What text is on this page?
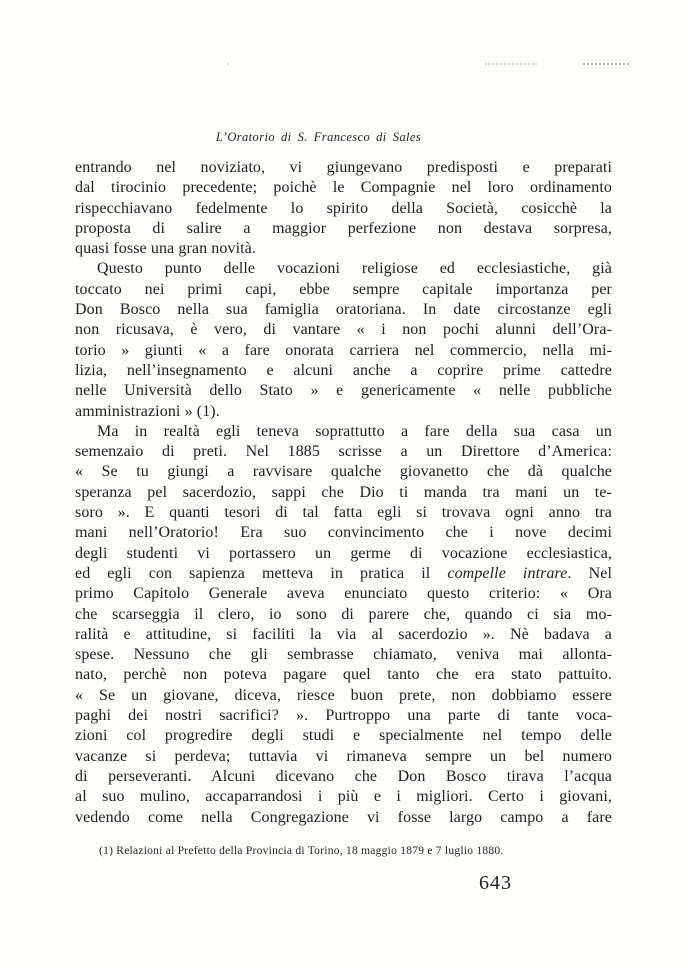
L’Oratorio di S. Francesco di Sales
entrando nel noviziato, vi giungevano predisposti e preparati
dal tirocinio precedente; poichè le Compagnie nel loro ordinamento
rispecchiavano fedelmente lo spirito della Società, cosicchè la
proposta di salire a maggior perfezione non destava sorpresa,
quasi fosse una gran novità.
Questo punto delle vocazioni religiose ed ecclesiastiche, già
toccato nei primi capi, ebbe sempre capitale importanza per
Don Bosco nella sua famiglia oratoriana. In date circostanze egli
non ricusava, è vero, di vantare « i non pochi alunni dell’Ora-
torio » giunti « a fare onorata carriera nel commercio, nella mi-
lizia, nell’insegnamento e alcuni anche a coprire prime cattedre
nelle Università dello Stato » e genericamente « nelle pubbliche
amministrazioni » (1).
Ma in realtà egli teneva soprattutto a fare della sua casa un
semenzaio di preti. Nel 1885 scrisse a un Direttore d’America:
« Se tu giungi a ravvisare qualche giovanetto che dà qualche
speranza pel sacerdozio, sappi che Dio ti manda tra mani un te-
soro ». E quanti tesori di tal fatta egli si trovava ogni anno tra
mani nell’Oratorio! Era suo convincimento che i nove decimi
degli studenti vi portassero un germe di vocazione ecclesiastica,
ed egli con sapienza metteva in pratica il compelle intrare. Nel
primo Capitolo Generale aveva enunciato questo criterio: « Ora
che scarseggia il clero, io sono di parere che, quando ci sia mo-
ralità e attitudine, si faciliti la via al sacerdozio ». Nè badava a
spese. Nessuno che gli sembrasse chiamato, veniva mai allonta-
nato, perchè non poteva pagare quel tanto che era stato pattuito.
« Se un giovane, diceva, riesce buon prete, non dobbiamo essere
paghi dei nostri sacrifici? ». Purtroppo una parte di tante voca-
zioni col progredire degli studi e specialmente nel tempo delle
vacanze si perdeva; tuttavia vi rimaneva sempre un bel numero
di perseveranti. Alcuni dicevano che Don Bosco tirava l’acqua
al suo mulino, accaparrandosi i più e i migliori. Certo i giovani,
vedendo come nella Congregazione vi fosse largo campo a fare
(1) Relazioni al Prefetto della Provincia di Torino, 18 maggio 1879 e 7 luglio 1880.
643
